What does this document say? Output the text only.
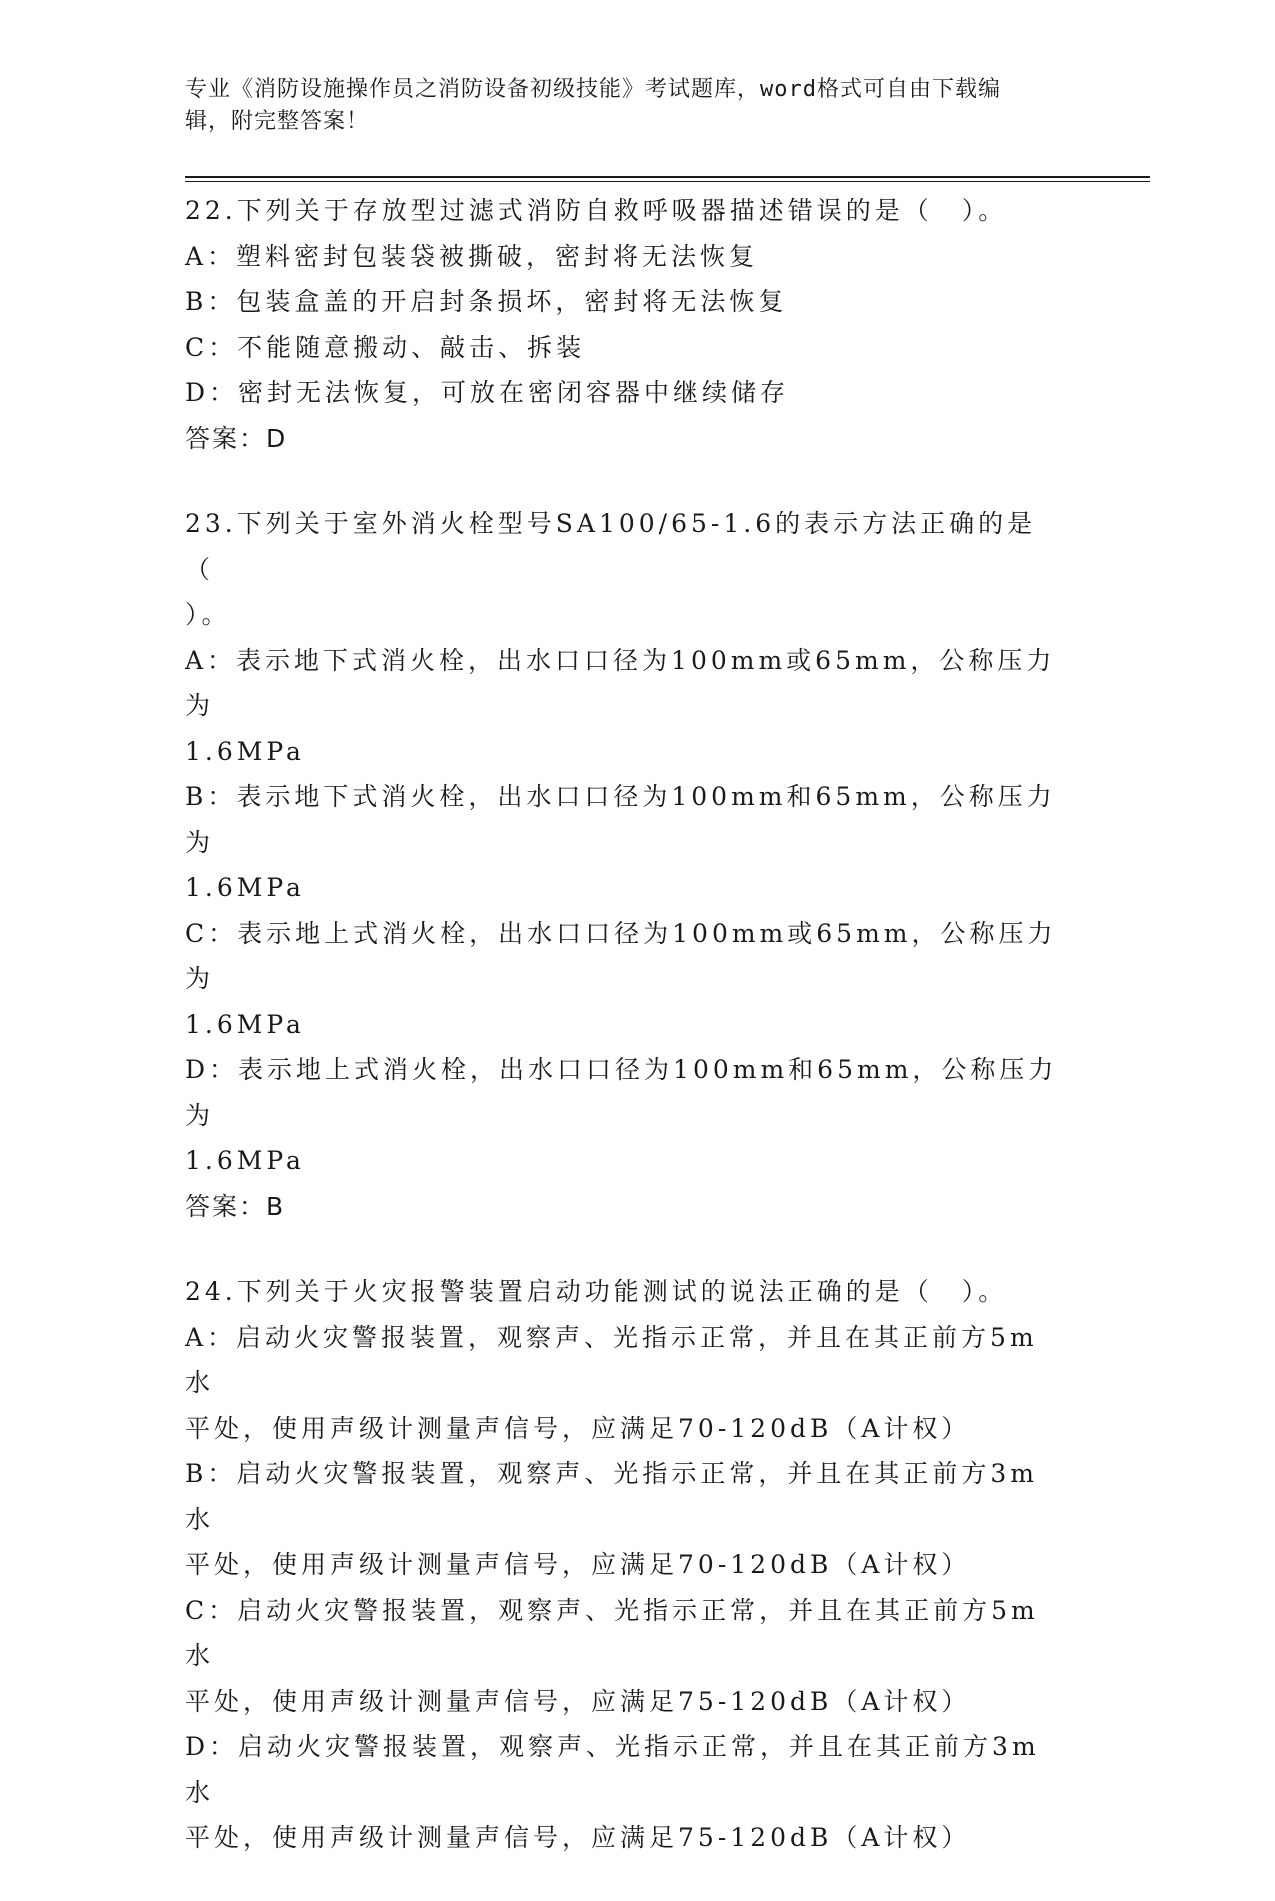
专业《消防设施操作员之消防设备初级技能》考试题库，word格式可自由下载编
辑，附完整答案！
22.下列关于存放型过滤式消防自救呼吸器描述错误的是（　）。
A：塑料密封包装袋被撕破，密封将无法恢复
B：包装盒盖的开启封条损坏，密封将无法恢复
C：不能随意搬动、敲击、拆装
D：密封无法恢复，可放在密闭容器中继续储存
答案：D
23.下列关于室外消火栓型号SA100/65-1.6的表示方法正确的是（
）。
A：表示地下式消火栓，出水口口径为100mm或65mm，公称压力为
1.6MPa
B：表示地下式消火栓，出水口口径为100mm和65mm，公称压力为
1.6MPa
C：表示地上式消火栓，出水口口径为100mm或65mm，公称压力为
1.6MPa
D：表示地上式消火栓，出水口口径为100mm和65mm，公称压力为
1.6MPa
答案：B
24.下列关于火灾报警装置启动功能测试的说法正确的是（　）。
A：启动火灾警报装置，观察声、光指示正常，并且在其正前方5m水
平处，使用声级计测量声信号，应满足70-120dB（A计权）
B：启动火灾警报装置，观察声、光指示正常，并且在其正前方3m水
平处，使用声级计测量声信号，应满足70-120dB（A计权）
C：启动火灾警报装置，观察声、光指示正常，并且在其正前方5m水
平处，使用声级计测量声信号，应满足75-120dB（A计权）
D：启动火灾警报装置，观察声、光指示正常，并且在其正前方3m水
平处，使用声级计测量声信号，应满足75-120dB（A计权）
